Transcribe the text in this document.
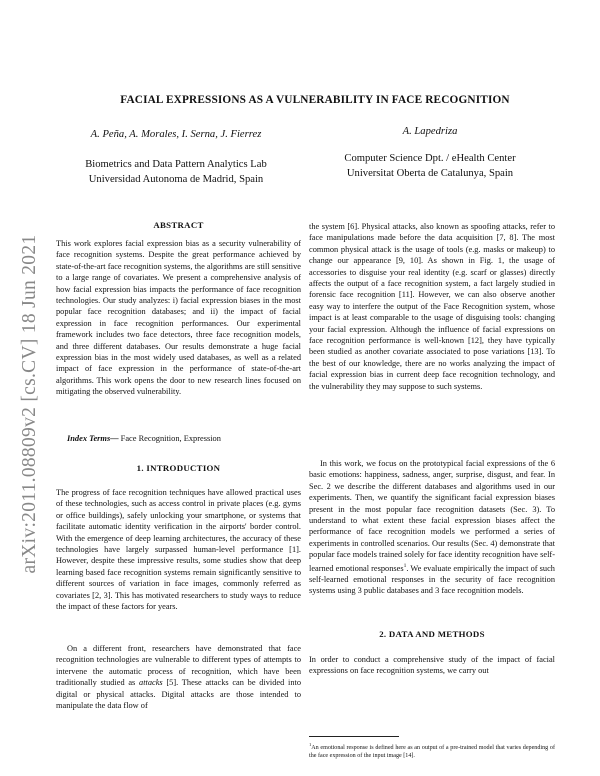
arXiv:2011.08809v2 [cs.CV] 18 Jun 2021
FACIAL EXPRESSIONS AS A VULNERABILITY IN FACE RECOGNITION
A. Peña, A. Morales, I. Serna, J. Fierrez	A. Lapedriza
Biometrics and Data Pattern Analytics Lab
Universidad Autonoma de Madrid, Spain
Computer Science Dpt. / eHealth Center
Universitat Oberta de Catalunya, Spain
ABSTRACT

This work explores facial expression bias as a security vulnerability of face recognition systems. Despite the great performance achieved by state-of-the-art face recognition systems, the algorithms are still sensitive to a large range of covariates. We present a comprehensive analysis of how facial expression bias impacts the performance of face recognition technologies. Our study analyzes: i) facial expression biases in the most popular face recognition databases; and ii) the impact of facial expression in face recognition performances. Our experimental framework includes two face detectors, three face recognition models, and three different databases. Our results demonstrate a huge facial expression bias in the most widely used databases, as well as a related impact of face expression in the performance of state-of-the-art algorithms. This work opens the door to new research lines focused on mitigating the observed vulnerability.

Index Terms— Face Recognition, Expression

1. INTRODUCTION

The progress of face recognition techniques have allowed practical uses of these technologies, such as access control in private places (e.g. gyms or office buildings), safely unlocking your smartphone, or systems that facilitate automatic identity verification in the airports' border control. With the emergence of deep learning architectures, the accuracy of these technologies have largely surpassed human-level performance [1]. However, despite these impressive results, some studies show that deep learning based face recognition systems remain significantly sensitive to different sources of variation in face images, commonly referred as covariates [2, 3]. This has motivated researchers to study ways to reduce the impact of these factors for years.

On a different front, researchers have demonstrated that face recognition technologies are vulnerable to different types of attempts to intervene the automatic process of recognition, which have been traditionally studied as attacks [5]. These attacks can be divided into digital or physical attacks. Digital attacks are those intended to manipulate the data flow of

the system [6]. Physical attacks, also known as spoofing attacks, refer to face manipulations made before the data acquisition [7, 8]. The most common physical attack is the usage of tools (e.g. masks or makeup) to change our appearance [9, 10]. As shown in Fig. 1, the usage of accessories to disguise your real identity (e.g. scarf or glasses) directly affects the output of a face recognition system, a fact largely studied in forensic face recognition [11]. However, we can also observe another easy way to interfere the output of the Face Recognition system, whose impact is at least comparable to the usage of disguising tools: changing your facial expression. Although the influence of facial expressions on face recognition performance is well-known [12], they have typically been studied as another covariate associated to pose variations [13]. To the best of our knowledge, there are no works analyzing the impact of facial expression bias in current deep face recognition technology, and the vulnerability they may suppose to such systems.

In this work, we focus on the prototypical facial expressions of the 6 basic emotions: happiness, sadness, anger, surprise, disgust, and fear. In Sec. 2 we describe the different databases and algorithms used in our experiments. Then, we quantify the significant facial expression biases present in the most popular face recognition datasets (Sec. 3). To understand to what extent these facial expression biases affect the performance of face recognition models we performed a series of experiments in controlled scenarios. Our results (Sec. 4) demonstrate that popular face models trained solely for face identity recognition have self-learned emotional responses$^1$. We evaluate empirically the impact of such self-learned emotional responses in the security of face recognition systems using 3 public databases and 3 face recognition models.

2. DATA AND METHODS

In order to conduct a comprehensive study of the impact of facial expressions on face recognition systems, we carry out

$^1$An emotional response is defined here as an output of a pre-trained model that varies depending of the face expression of the input image [14].
